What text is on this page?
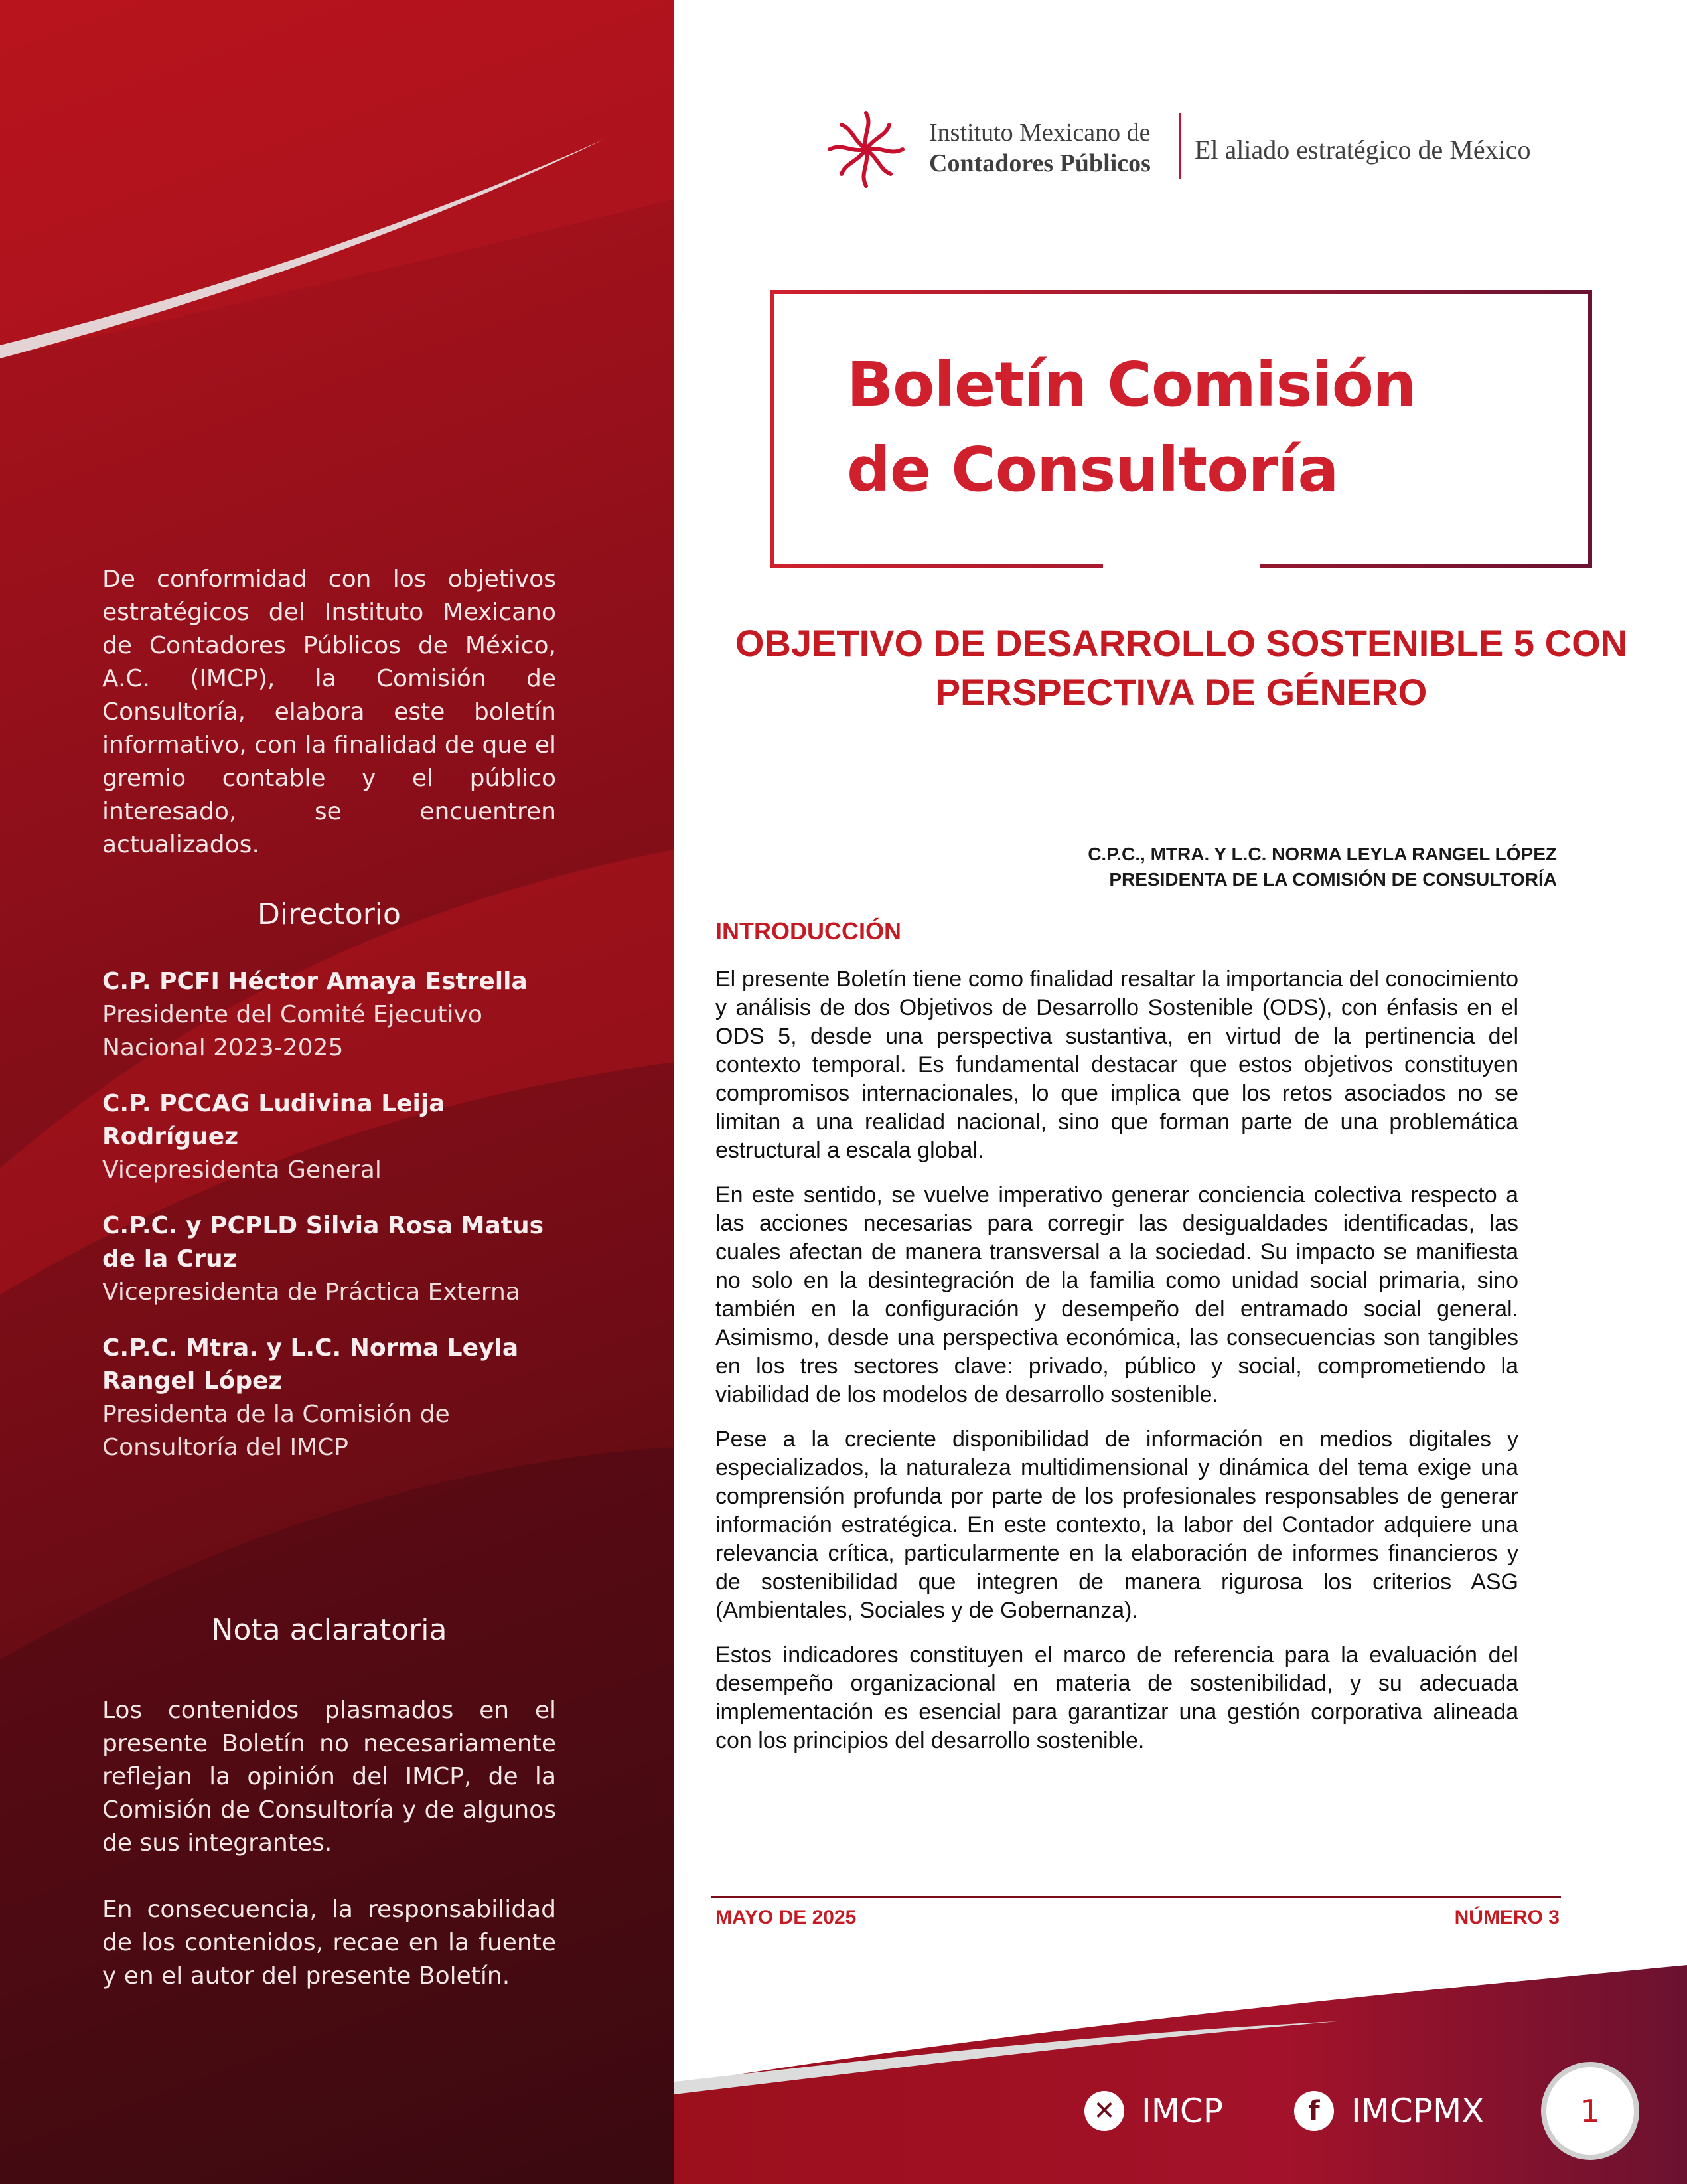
De conformidad con los objetivos estratégicos del Instituto Mexicano de Contadores Públicos de México, A.C. (IMCP), la Comisión de Consultoría, elabora este boletín informativo, con la finalidad de que el gremio contable y el público interesado, se encuentren actualizados.
Directorio
C.P. PCFI Héctor Amaya Estrella
Presidente del Comité Ejecutivo Nacional 2023-2025
C.P. PCCAG Ludivina Leija Rodríguez
Vicepresidenta General
C.P.C. y PCPLD Silvia Rosa Matus de la Cruz
Vicepresidenta de Práctica Externa
C.P.C. Mtra. y L.C. Norma Leyla Rangel López
Presidenta de la Comisión de Consultoría del IMCP
Nota aclaratoria

Los contenidos plasmados en el presente Boletín no necesariamente reflejan la opinión del IMCP, de la Comisión de Consultoría y de algunos de sus integrantes.

En consecuencia, la responsabilidad de los contenidos, recae en la fuente y en el autor del presente Boletín.

Instituto Mexicano de
Contadores Públicos El aliado estratégico de México
Boletín Comisión
de Consultoría
OBJETIVO DE DESARROLLO SOSTENIBLE 5 CON PERSPECTIVA DE GÉNERO
C.P.C., MTRA. Y L.C. NORMA LEYLA RANGEL LÓPEZ
PRESIDENTA DE LA COMISIÓN DE CONSULTORÍA
INTRODUCCIÓN

El presente Boletín tiene como finalidad resaltar la importancia del conocimiento y análisis de dos Objetivos de Desarrollo Sostenible (ODS), con énfasis en el ODS 5, desde una perspectiva sustantiva, en virtud de la pertinencia del contexto temporal. Es fundamental destacar que estos objetivos constituyen compromisos internacionales, lo que implica que los retos asociados no se limitan a una realidad nacional, sino que forman parte de una problemática estructural a escala global.

En este sentido, se vuelve imperativo generar conciencia colectiva respecto a las acciones necesarias para corregir las desigualdades identificadas, las cuales afectan de manera transversal a la sociedad. Su impacto se manifiesta no solo en la desintegración de la familia como unidad social primaria, sino también en la configuración y desempeño del entramado social general. Asimismo, desde una perspectiva económica, las consecuencias son tangibles en los tres sectores clave: privado, público y social, comprometiendo la viabilidad de los modelos de desarrollo sostenible.

Pese a la creciente disponibilidad de información en medios digitales y especializados, la naturaleza multidimensional y dinámica del tema exige una comprensión profunda por parte de los profesionales responsables de generar información estratégica. En este contexto, la labor del Contador adquiere una relevancia crítica, particularmente en la elaboración de informes financieros y de sostenibilidad que integren de manera rigurosa los criterios ASG (Ambientales, Sociales y de Gobernanza).

Estos indicadores constituyen el marco de referencia para la evaluación del desempeño organizacional en materia de sostenibilidad, y su adecuada implementación es esencial para garantizar una gestión corporativa alineada con los principios del desarrollo sostenible.

MAYO DE 2025	NÚMERO 3
✕ IMCP	f IMCPMX	1
